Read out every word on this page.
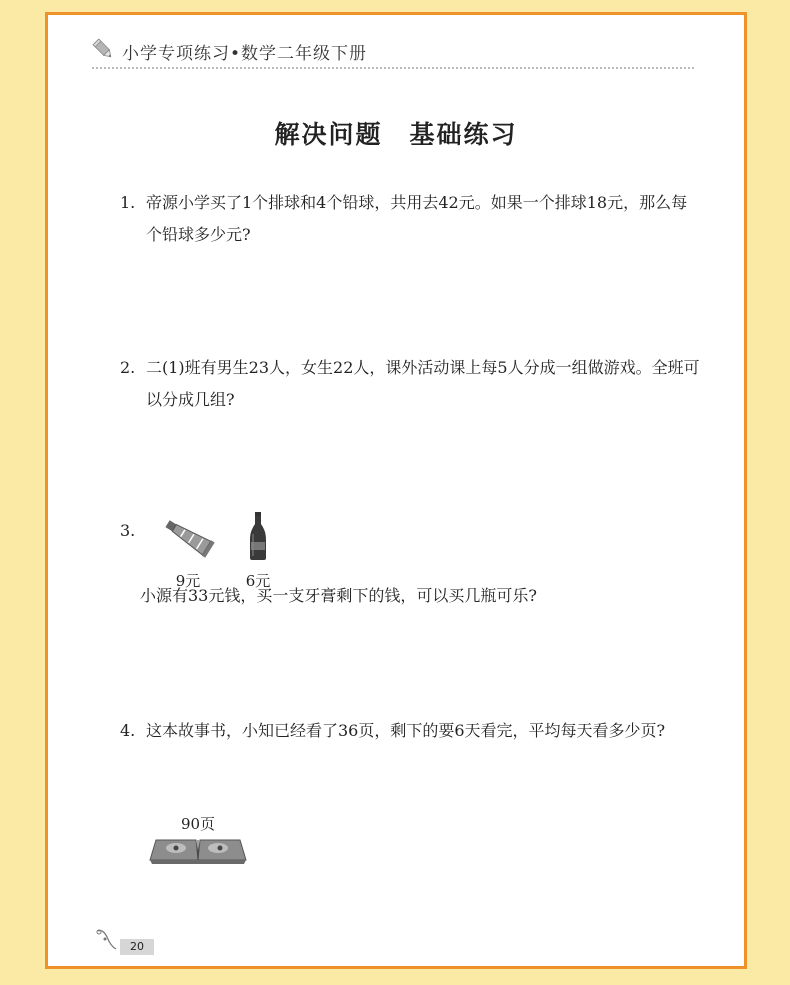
小学专项练习•数学二年级下册
解决问题　基础练习
1. 帝源小学买了1个排球和4个铅球，共用去42元。如果一个排球18元，那么每个铅球多少元?
2. 二(1)班有男生23人，女生22人，课外活动课上每5人分成一组做游戏。全班可以分成几组?
3.
9元	6元
小源有33元钱，买一支牙膏剩下的钱，可以买几瓶可乐?
4. 这本故事书，小知已经看了36页，剩下的要6天看完，平均每天看多少页?
90页
20
